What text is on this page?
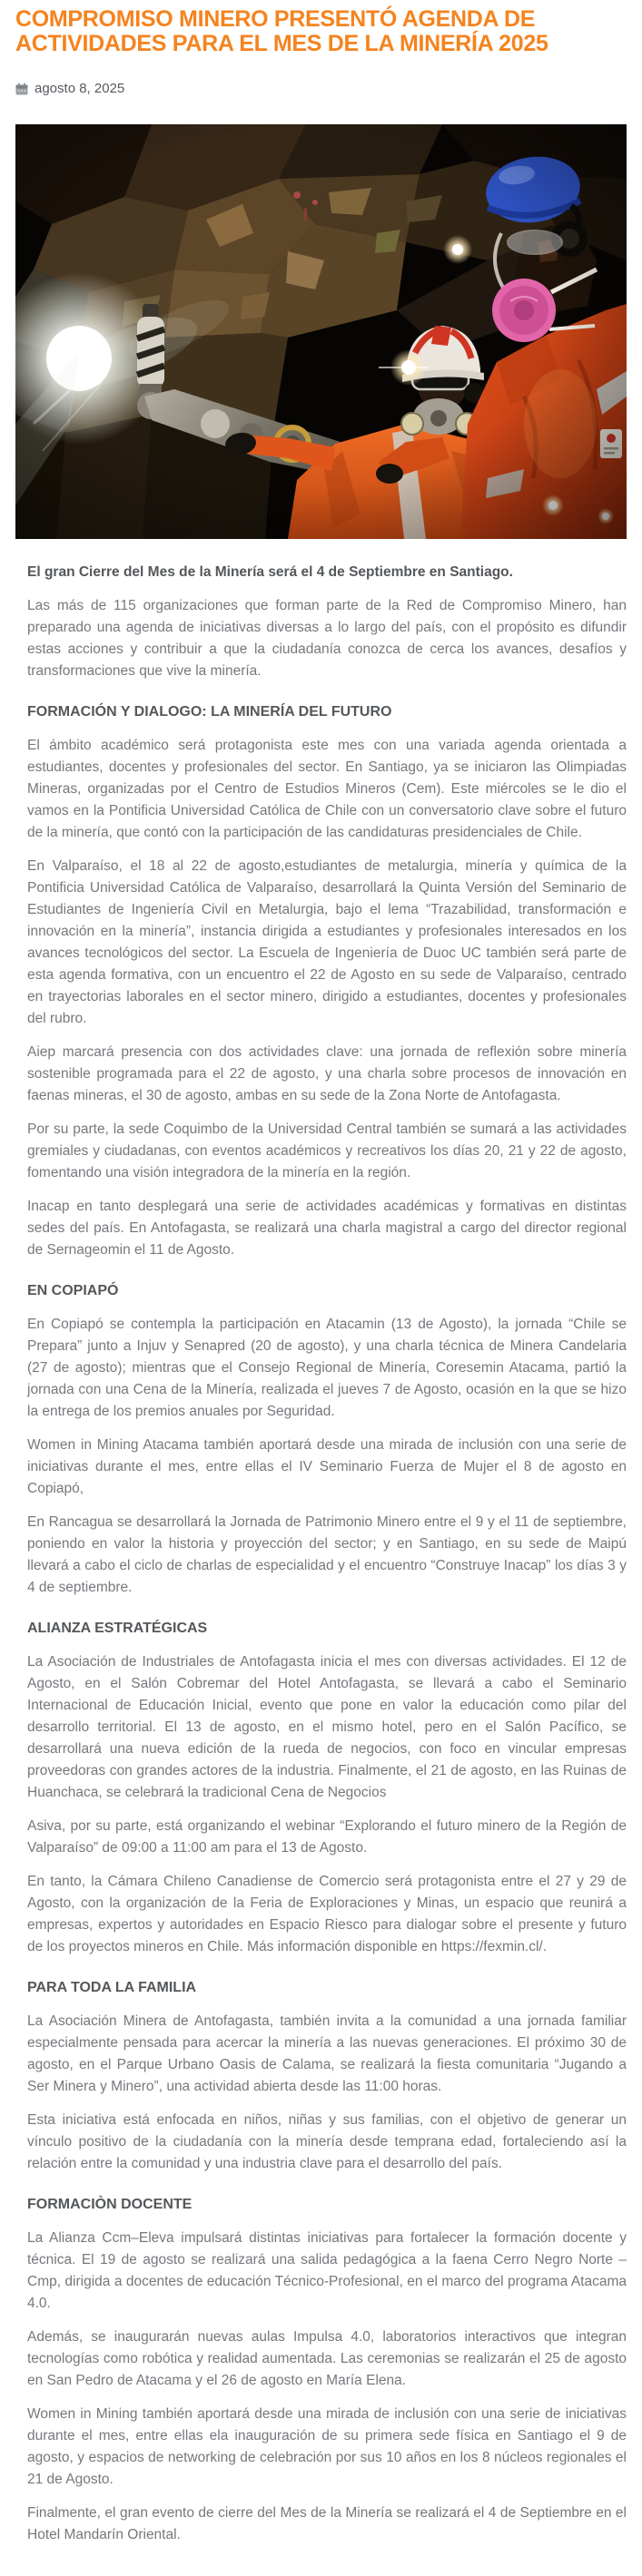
COMPROMISO MINERO PRESENTÓ AGENDA DE ACTIVIDADES PARA EL MES DE LA MINERÍA 2025
agosto 8, 2025

El gran Cierre del Mes de la Minería será el 4 de Septiembre en Santiago.

Las más de 115 organizaciones que forman parte de la Red de Compromiso Minero, han preparado una agenda de iniciativas diversas a lo largo del país, con el propósito es difundir estas acciones y contribuir a que la ciudadanía conozca de cerca los avances, desafíos y transformaciones que vive la minería.

FORMACIÓN Y DIALOGO: LA MINERÍA DEL FUTURO

El ámbito académico será protagonista este mes con una variada agenda orientada a estudiantes, docentes y profesionales del sector. En Santiago, ya se iniciaron las Olimpiadas Mineras, organizadas por el Centro de Estudios Mineros (Cem). Este miércoles se le dio el vamos en la Pontificia Universidad Católica de Chile con un conversatorio clave sobre el futuro de la minería, que contó con la participación de las candidaturas presidenciales de Chile.

En Valparaíso, el 18 al 22 de agosto,estudiantes de metalurgia, minería y química de la Pontificia Universidad Católica de Valparaíso, desarrollará la Quinta Versión del Seminario de Estudiantes de Ingeniería Civil en Metalurgia, bajo el lema “Trazabilidad, transformación e innovación en la minería”, instancia dirigida a estudiantes y profesionales interesados en los avances tecnológicos del sector. La Escuela de Ingeniería de Duoc UC también será parte de esta agenda formativa, con un encuentro el 22 de Agosto en su sede de Valparaíso, centrado en trayectorias laborales en el sector minero, dirigido a estudiantes, docentes y profesionales del rubro.

Aiep marcará presencia con dos actividades clave: una jornada de reflexión sobre minería sostenible programada para el 22 de agosto, y una charla sobre procesos de innovación en faenas mineras, el 30 de agosto, ambas en su sede de la Zona Norte de Antofagasta.

Por su parte, la sede Coquimbo de la Universidad Central también se sumará a las actividades gremiales y ciudadanas, con eventos académicos y recreativos los días 20, 21 y 22 de agosto, fomentando una visión integradora de la minería en la región.

Inacap en tanto desplegará una serie de actividades académicas y formativas en distintas sedes del país. En Antofagasta, se realizará una charla magistral a cargo del director regional de Sernageomin el 11 de Agosto.

EN COPIAPÓ

En Copiapó se contempla la participación en Atacamin (13 de Agosto), la jornada “Chile se Prepara” junto a Injuv y Senapred (20 de agosto), y una charla técnica de Minera Candelaria (27 de agosto); mientras que el Consejo Regional de Minería, Coresemin Atacama, partió la jornada con una Cena de la Minería, realizada el jueves 7 de Agosto, ocasión en la que se hizo la entrega de los premios anuales por Seguridad.

Women in Mining Atacama también aportará desde una mirada de inclusión con una serie de iniciativas durante el mes, entre ellas el IV Seminario Fuerza de Mujer el 8 de agosto en Copiapó,

En Rancagua se desarrollará la Jornada de Patrimonio Minero entre el 9 y el 11 de septiembre, poniendo en valor la historia y proyección del sector; y en Santiago, en su sede de Maipú llevará a cabo el ciclo de charlas de especialidad y el encuentro “Construye Inacap” los días 3 y 4 de septiembre.

ALIANZA ESTRATÉGICAS

La Asociación de Industriales de Antofagasta inicia el mes con diversas actividades. El 12 de Agosto, en el Salón Cobremar del Hotel Antofagasta, se llevará a cabo el Seminario Internacional de Educación Inicial, evento que pone en valor la educación como pilar del desarrollo territorial. El 13 de agosto, en el mismo hotel, pero en el Salón Pacífico, se desarrollará una nueva edición de la rueda de negocios, con foco en vincular empresas proveedoras con grandes actores de la industria. Finalmente, el 21 de agosto, en las Ruinas de Huanchaca, se celebrará la tradicional Cena de Negocios

Asiva, por su parte, está organizando el webinar “Explorando el futuro minero de la Región de Valparaíso” de 09:00 a 11:00 am para el 13 de Agosto.

En tanto, la Cámara Chileno Canadiense de Comercio será protagonista entre el 27 y 29 de Agosto, con la organización de la Feria de Exploraciones y Minas, un espacio que reunirá a empresas, expertos y autoridades en Espacio Riesco para dialogar sobre el presente y futuro de los proyectos mineros en Chile. Más información disponible en https://fexmin.cl/.

PARA TODA LA FAMILIA

La Asociación Minera de Antofagasta, también invita a la comunidad a una jornada familiar especialmente pensada para acercar la minería a las nuevas generaciones. El próximo 30 de agosto, en el Parque Urbano Oasis de Calama, se realizará la fiesta comunitaria “Jugando a Ser Minera y Minero”, una actividad abierta desde las 11:00 horas.

Esta iniciativa está enfocada en niños, niñas y sus familias, con el objetivo de generar un vínculo positivo de la ciudadanía con la minería desde temprana edad, fortaleciendo así la relación entre la comunidad y una industria clave para el desarrollo del país.

FORMACIÒN DOCENTE

La Alianza Ccm–Eleva impulsará distintas iniciativas para fortalecer la formación docente y técnica. El 19 de agosto se realizará una salida pedagógica a la faena Cerro Negro Norte – Cmp, dirigida a docentes de educación Técnico-Profesional, en el marco del programa Atacama 4.0.

Además, se inaugurarán nuevas aulas Impulsa 4.0, laboratorios interactivos que integran tecnologías como robótica y realidad aumentada. Las ceremonias se realizarán el 25 de agosto en San Pedro de Atacama y el 26 de agosto en María Elena.

Women in Mining también aportará desde una mirada de inclusión con una serie de iniciativas durante el mes, entre ellas ela inauguración de su primera sede física en Santiago el 9 de agosto, y espacios de networking de celebración por sus 10 años en los 8 núcleos regionales el 21 de Agosto.

Finalmente, el gran evento de cierre del Mes de la Minería se realizará el 4 de Septiembre en el Hotel Mandarín Oriental.
